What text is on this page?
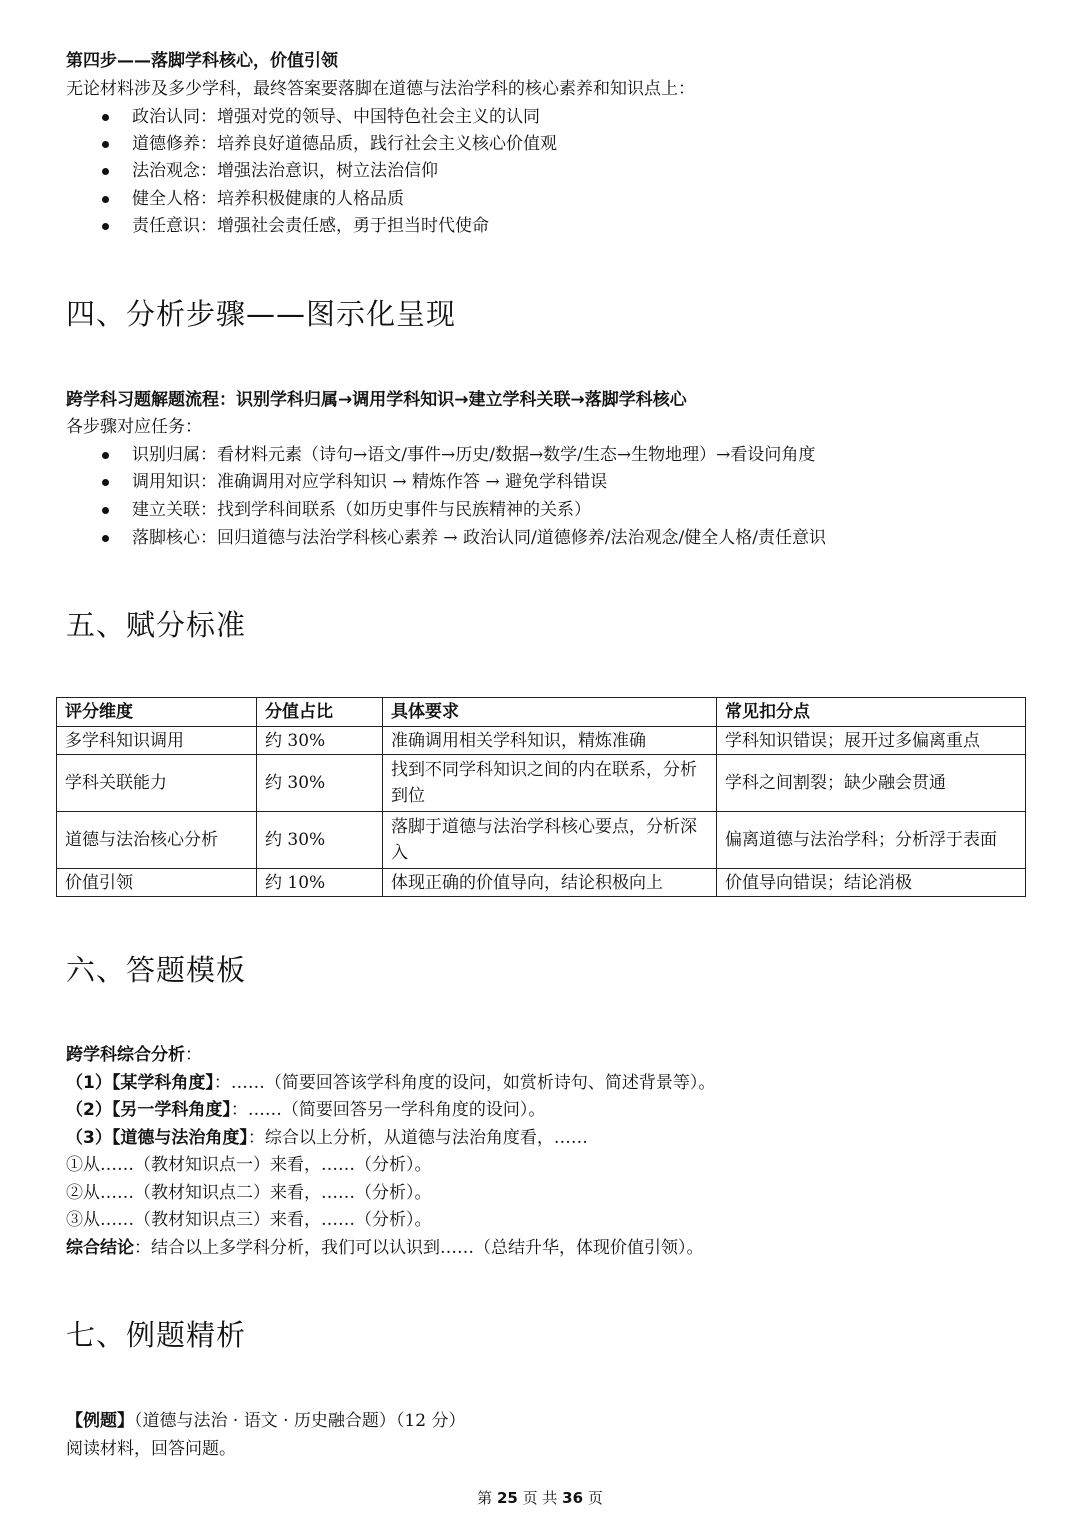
第四步——落脚学科核心，价值引领
无论材料涉及多少学科，最终答案要落脚在道德与法治学科的核心素养和知识点上：
政治认同：增强对党的领导、中国特色社会主义的认同
道德修养：培养良好道德品质，践行社会主义核心价值观
法治观念：增强法治意识，树立法治信仰
健全人格：培养积极健康的人格品质
责任意识：增强社会责任感，勇于担当时代使命
四、分析步骤——图示化呈现
跨学科习题解题流程：识别学科归属→调用学科知识→建立学科关联→落脚学科核心
各步骤对应任务：
识别归属：看材料元素（诗句→语文/事件→历史/数据→数学/生态→生物地理）→看设问角度
调用知识：准确调用对应学科知识 → 精炼作答 → 避免学科错误
建立关联：找到学科间联系（如历史事件与民族精神的关系）
落脚核心：回归道德与法治学科核心素养 → 政治认同/道德修养/法治观念/健全人格/责任意识
五、赋分标准
评分维度	分值占比	具体要求	常见扣分点
多学科知识调用	约 30%	准确调用相关学科知识，精炼准确	学科知识错误；展开过多偏离重点
学科关联能力	约 30%	找到不同学科知识之间的内在联系，分析到位	学科之间割裂；缺少融会贯通
道德与法治核心分析	约 30%	落脚于道德与法治学科核心要点，分析深入	偏离道德与法治学科；分析浮于表面
价值引领	约 10%	体现正确的价值导向，结论积极向上	价值导向错误；结论消极
六、答题模板
跨学科综合分析：
（1）【某学科角度】：……（简要回答该学科角度的设问，如赏析诗句、简述背景等）。
（2）【另一学科角度】：……（简要回答另一学科角度的设问）。
（3）【道德与法治角度】：综合以上分析，从道德与法治角度看，……
①从……（教材知识点一）来看，……（分析）。
②从……（教材知识点二）来看，……（分析）。
③从……（教材知识点三）来看，……（分析）。
综合结论：结合以上多学科分析，我们可以认识到……（总结升华，体现价值引领）。
七、例题精析
【例题】（道德与法治 · 语文 · 历史融合题）（12 分）
阅读材料，回答问题。
第 25 页 共 36 页
